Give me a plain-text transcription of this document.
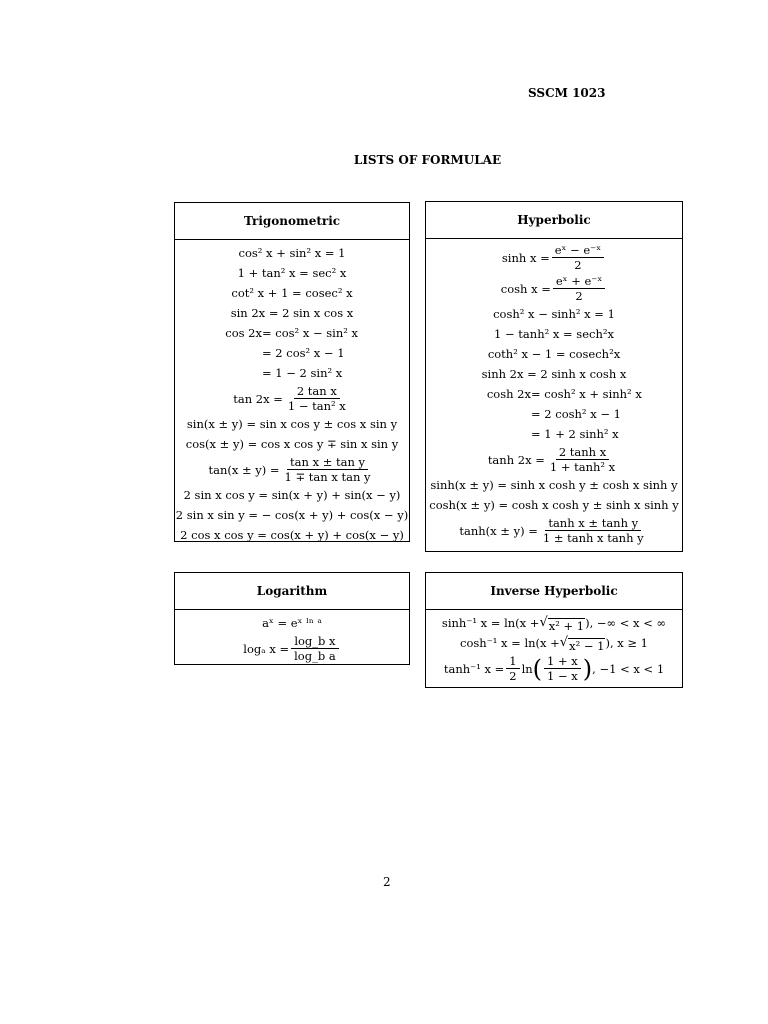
SSCM 1023
LISTS OF FORMULAE
Trigonometric
cos² x + sin² x = 1
1 + tan² x = sec² x
cot² x + 1 = cosec² x
sin 2x = 2 sin x cos x
cos 2x = cos² x − sin² x
= 2 cos² x − 1
= 1 − 2 sin² x
$\tan 2x = \frac{\text{2 tan x}}{\text{1 − tan² x}}$
sin(x ± y) = sin x cos y ± cos x sin y
cos(x ± y) = cos x cos y ∓ sin x sin y
$\tan(x \pm y) = \frac{\text{tan x ± tan y}}{\text{1 ∓ tan x tan y}}$
2 sin x cos y = sin(x + y) + sin(x − y)
2 sin x sin y = − cos(x + y) + cos(x − y)
2 cos x cos y = cos(x + y) + cos(x − y)
Hyperbolic
$\sinh x = \frac{\text{eˣ − e⁻ˣ}}{2}$
$\cosh x = \frac{\text{eˣ + e⁻ˣ}}{2}$
cosh² x − sinh² x = 1
1 − tanh² x = sech²x
coth² x − 1 = cosech²x
sinh 2x = 2 sinh x cosh x
cosh 2x = cosh² x + sinh² x
= 2 cosh² x − 1
= 1 + 2 sinh² x
$\tanh 2x = \frac{\text{2 tanh x}}{\text{1 + tanh² x}}$
sinh(x ± y) = sinh x cosh y ± cosh x sinh y
cosh(x ± y) = cosh x cosh y ± sinh x sinh y
$\tanh(x \pm y) = \frac{\text{tanh x ± tanh y}}{\text{1 ± tanh x tanh y}}$
Logarithm
aˣ = eˣ ˡⁿ ᵃ
logₐ $x = \frac{\text{log\_b x}}{\text{log\_b a}}$
Inverse Hyperbolic
sinh⁻¹ x = ln(x + √ x² + 1 ), −∞ < x < ∞
cosh⁻¹ x = ln(x + √ x² − 1 ), x ≥ 1
tanh⁻¹ $x = \frac{1}{2}$ ln ( $\frac{1 + x}{1 - x}$ ) , −1 < x < 1
2
